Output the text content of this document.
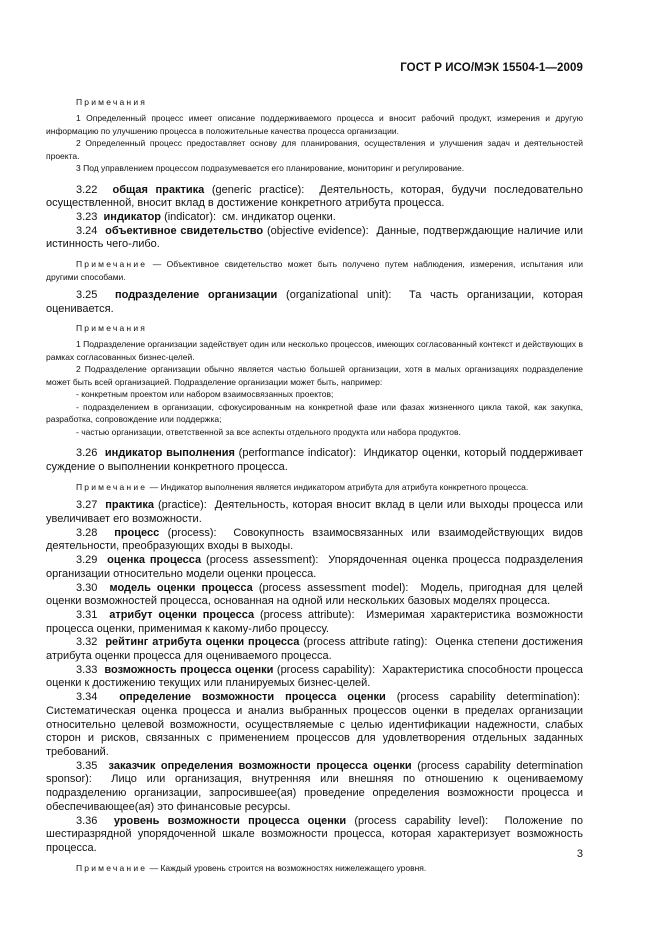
ГОСТ Р ИСО/МЭК 15504-1—2009
Примечания

1 Определенный процесс имеет описание поддерживаемого процесса и вносит рабочий продукт, измерения и другую информацию по улучшению процесса в положительные качества процесса организации.

2 Определенный процесс предоставляет основу для планирования, осуществления и улучшения задач и деятельностей проекта.

3 Под управлением процессом подразумевается его планирование, мониторинг и регулирование.

3.22 общая практика (generic practice): Деятельность, которая, будучи последовательно осуществленной, вносит вклад в достижение конкретного атрибута процесса.

3.23 индикатор (indicator): см. индикатор оценки.

3.24 объективное свидетельство (objective evidence): Данные, подтверждающие наличие или истинность чего-либо.

Примечание — Объективное свидетельство может быть получено путем наблюдения, измерения, испытания или другими способами.

3.25 подразделение организации (organizational unit): Та часть организации, которая оценивается.

Примечания

1 Подразделение организации задействует один или несколько процессов, имеющих согласованный контекст и действующих в рамках согласованных бизнес-целей.

2 Подразделение организации обычно является частью большей организации, хотя в малых организациях подразделение может быть всей организацией. Подразделение организации может быть, например:

- конкретным проектом или набором взаимосвязанных проектов;

- подразделением в организации, сфокусированным на конкретной фазе или фазах жизненного цикла такой, как закупка, разработка, сопровождение или поддержка;

- частью организации, ответственной за все аспекты отдельного продукта или набора продуктов.

3.26 индикатор выполнения (performance indicator): Индикатор оценки, который поддерживает суждение о выполнении конкретного процесса.

Примечание — Индикатор выполнения является индикатором атрибута для атрибута конкретного процесса.

3.27 практика (practice): Деятельность, которая вносит вклад в цели или выходы процесса или увеличивает его возможности.

3.28 процесс (process): Совокупность взаимосвязанных или взаимодействующих видов деятельности, преобразующих входы в выходы.

3.29 оценка процесса (process assessment): Упорядоченная оценка процесса подразделения организации относительно модели оценки процесса.

3.30 модель оценки процесса (process assessment model): Модель, пригодная для целей оценки возможностей процесса, основанная на одной или нескольких базовых моделях процесса.

3.31 атрибут оценки процесса (process attribute): Измеримая характеристика возможности процесса оценки, применимая к какому-либо процессу.

3.32 рейтинг атрибута оценки процесса (process attribute rating): Оценка степени достижения атрибута оценки процесса для оцениваемого процесса.

3.33 возможность процесса оценки (process capability): Характеристика способности процесса оценки к достижению текущих или планируемых бизнес-целей.

3.34 определение возможности процесса оценки (process capability determination):  Систематическая оценка процесса и анализ выбранных процессов оценки в пределах организации относительно целевой возможности, осуществляемые с целью идентификации надежности, слабых сторон и рисков, связанных с применением процессов для удовлетворения отдельных заданных требований.

3.35 заказчик определения возможности процесса оценки (process capability determination sponsor): Лицо или организация, внутренняя или внешняя по отношению к оцениваемому подразделению организации, запросившее(ая) проведение определения возможности процесса и обеспечивающее(ая) это финансовые ресурсы.

3.36 уровень возможности процесса оценки (process capability level): Положение по шестиразрядной упорядоченной шкале возможности процесса, которая характеризует возможность процесса.

Примечание — Каждый уровень строится на возможностях нижележащего уровня.

3
